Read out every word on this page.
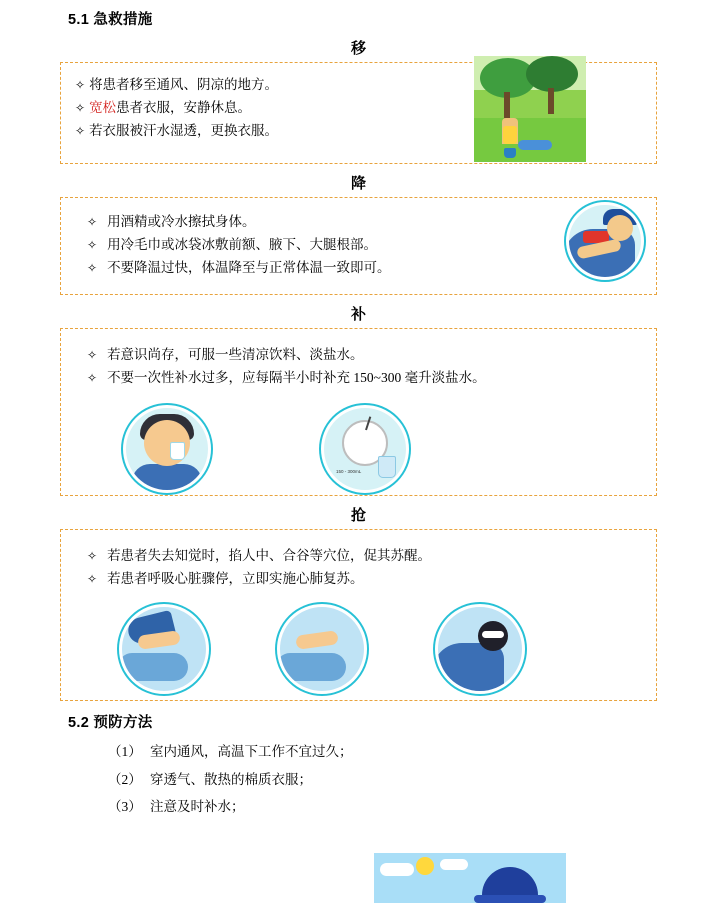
5.1 急救措施
移
✧ 将患者移至通风、阴凉的地方。
✧ 宽松患者衣服，安静休息。
✧ 若衣服被汗水湿透，更换衣服。
降
✧ 用酒精或冷水擦拭身体。
✧ 用冷毛巾或冰袋冰敷前额、腋下、大腿根部。
✧ 不要降温过快，体温降至与正常体温一致即可。
补
✧ 若意识尚存，可服一些清凉饮料、淡盐水。
✧ 不要一次性补水过多，应每隔半小时补充 150~300 毫升淡盐水。
150 - 300mL
抢
✧ 若患者失去知觉时，掐人中、合谷等穴位，促其苏醒。
✧ 若患者呼吸心脏骤停，立即实施心肺复苏。
5.2 预防方法
（1） 室内通风，高温下工作不宜过久；
（2） 穿透气、散热的棉质衣服；
（3） 注意及时补水；
